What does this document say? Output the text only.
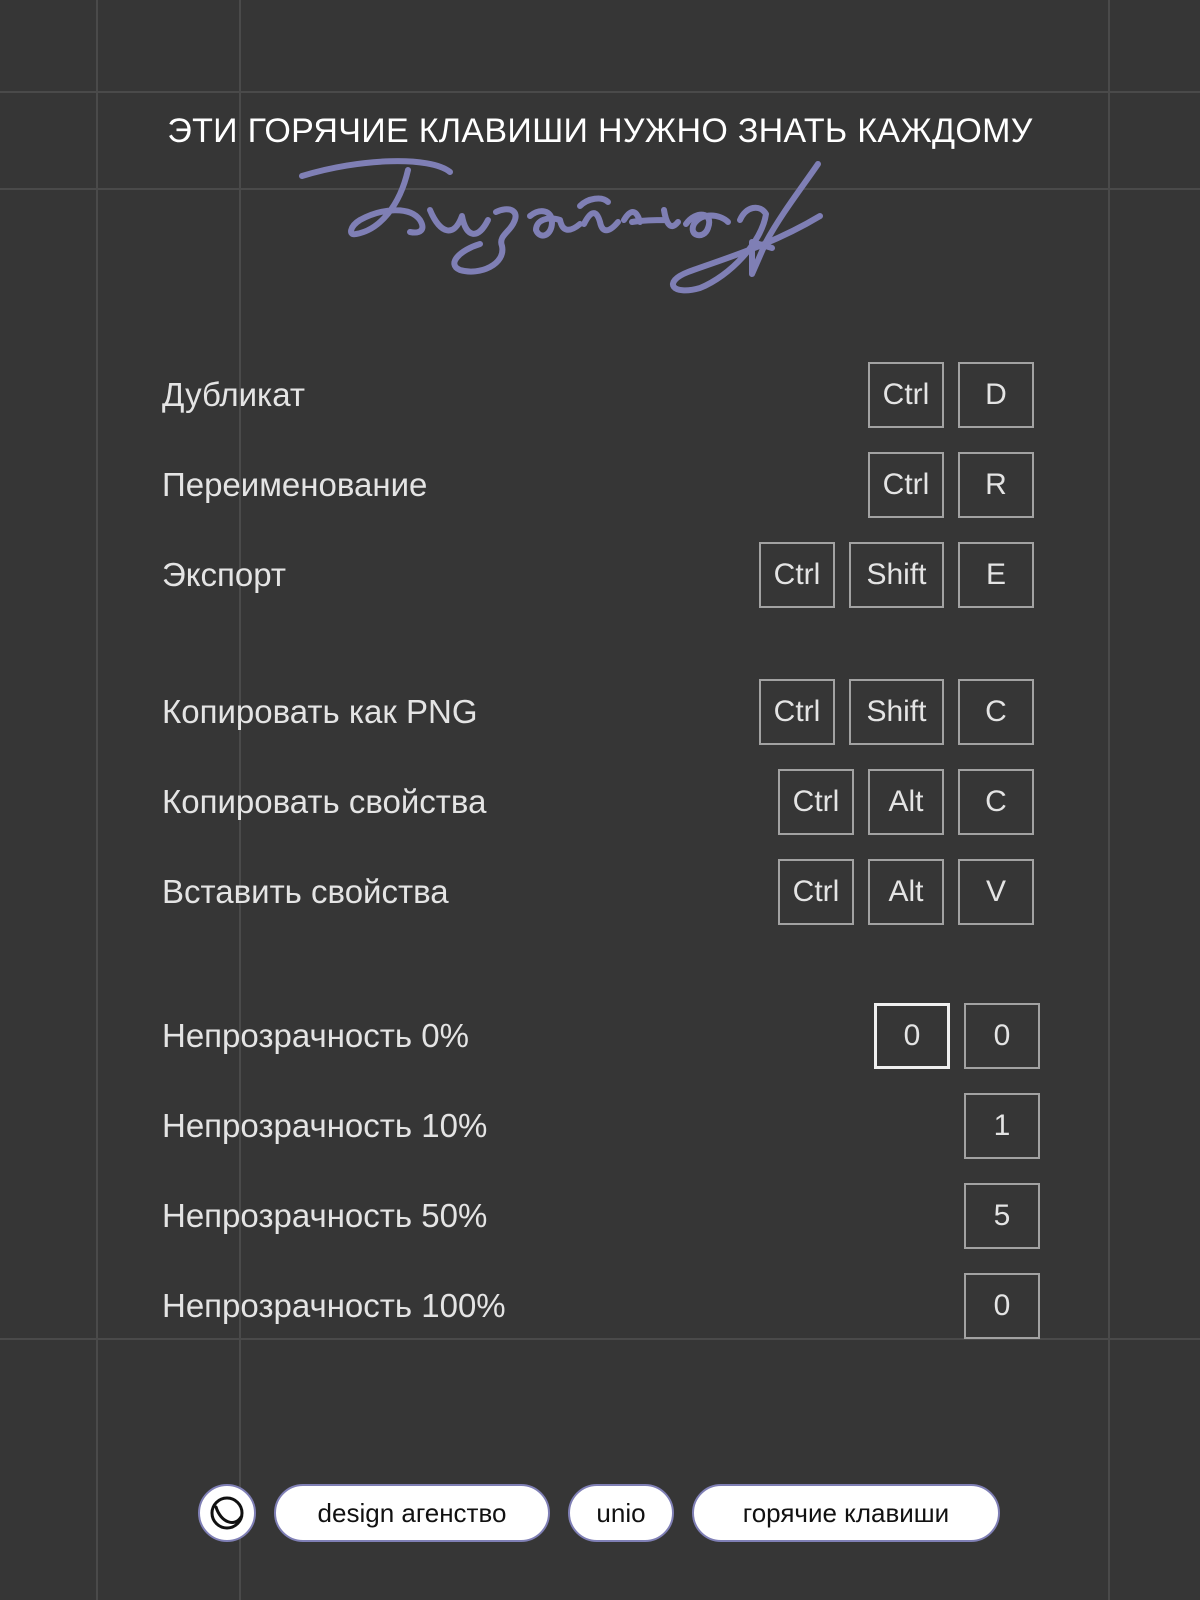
ЭТИ ГОРЯЧИЕ КЛАВИШИ НУЖНО ЗНАТЬ КАЖДОМУ
Дубликат	Ctrl	D
Переименование	Ctrl	R
Экспорт	Ctrl	Shift	E
Копировать как PNG	Ctrl	Shift	C
Копировать свойства	Ctrl	Alt	C
Вставить свойства	Ctrl	Alt	V
Непрозрачность 0%	0	0
Непрозрачность 10%	1
Непрозрачность 50%	5
Непрозрачность 100%	0
design агенство	unio	горячие клавиши
